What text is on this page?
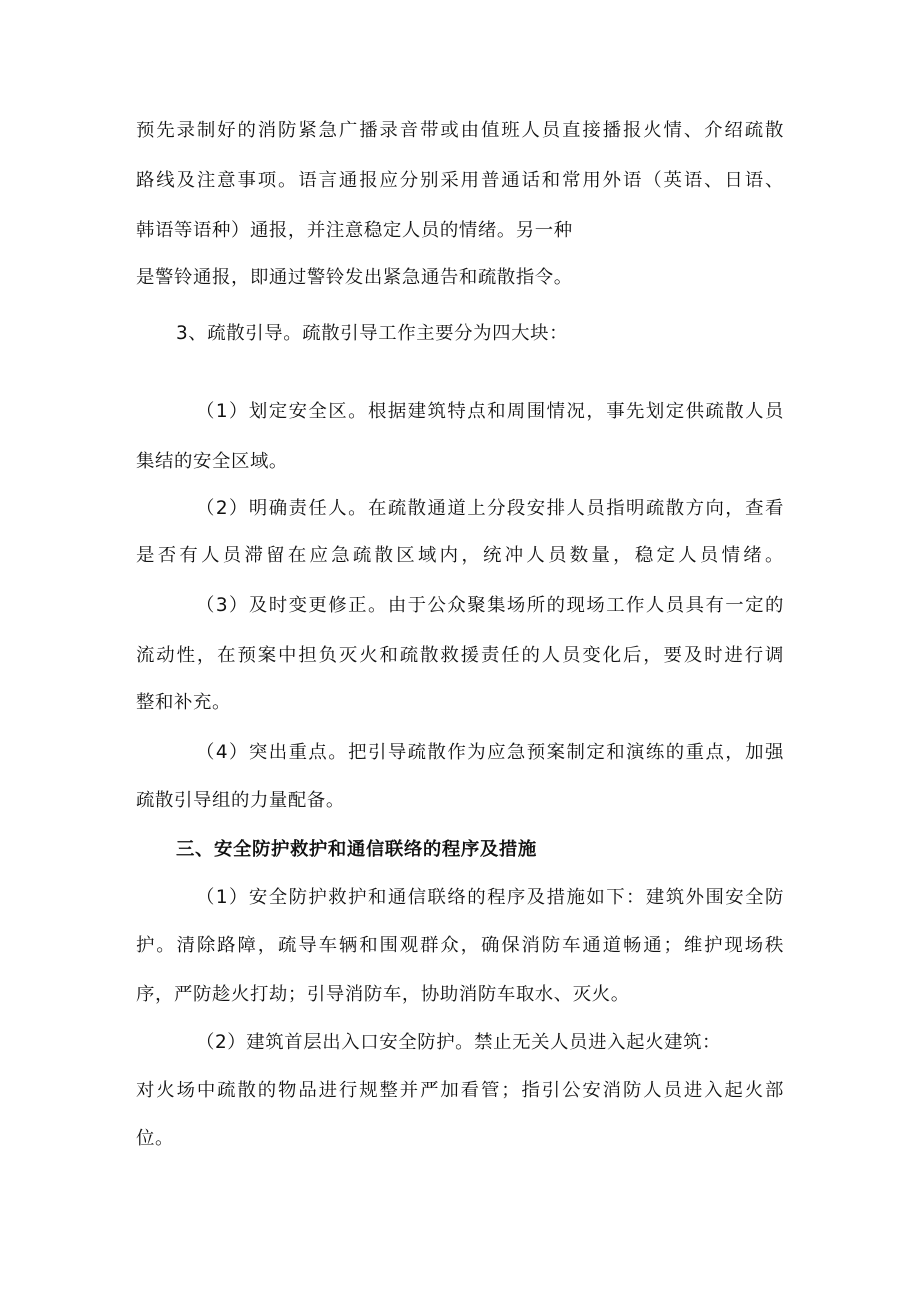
预先录制好的消防紧急广播录音带或由值班人员直接播报火情、介绍疏散
路线及注意事项。语言通报应分别采用普通话和常用外语（英语、日语、
韩语等语种）通报，并注意稳定人员的情绪。另一种
是警铃通报，即通过警铃发出紧急通告和疏散指令。
3、疏散引导。疏散引导工作主要分为四大块：
（1）划定安全区。根据建筑特点和周围情况，事先划定供疏散人员
集结的安全区域。
（2）明确责任人。在疏散通道上分段安排人员指明疏散方向，查看
是否有人员滞留在应急疏散区域内，统冲人员数量，稳定人员情绪。
（3）及时变更修正。由于公众聚集场所的现场工作人员具有一定的
流动性，在预案中担负灭火和疏散救援责任的人员变化后，要及时进行调
整和补充。
（4）突出重点。把引导疏散作为应急预案制定和演练的重点，加强
疏散引导组的力量配备。
三、安全防护救护和通信联络的程序及措施
（1）安全防护救护和通信联络的程序及措施如下：建筑外围安全防
护。清除路障，疏导车辆和围观群众，确保消防车通道畅通；维护现场秩
序，严防趁火打劫；引导消防车，协助消防车取水、灭火。
（2）建筑首层出入口安全防护。禁止无关人员进入起火建筑：
对火场中疏散的物品进行规整并严加看管；指引公安消防人员进入起火部
位。
